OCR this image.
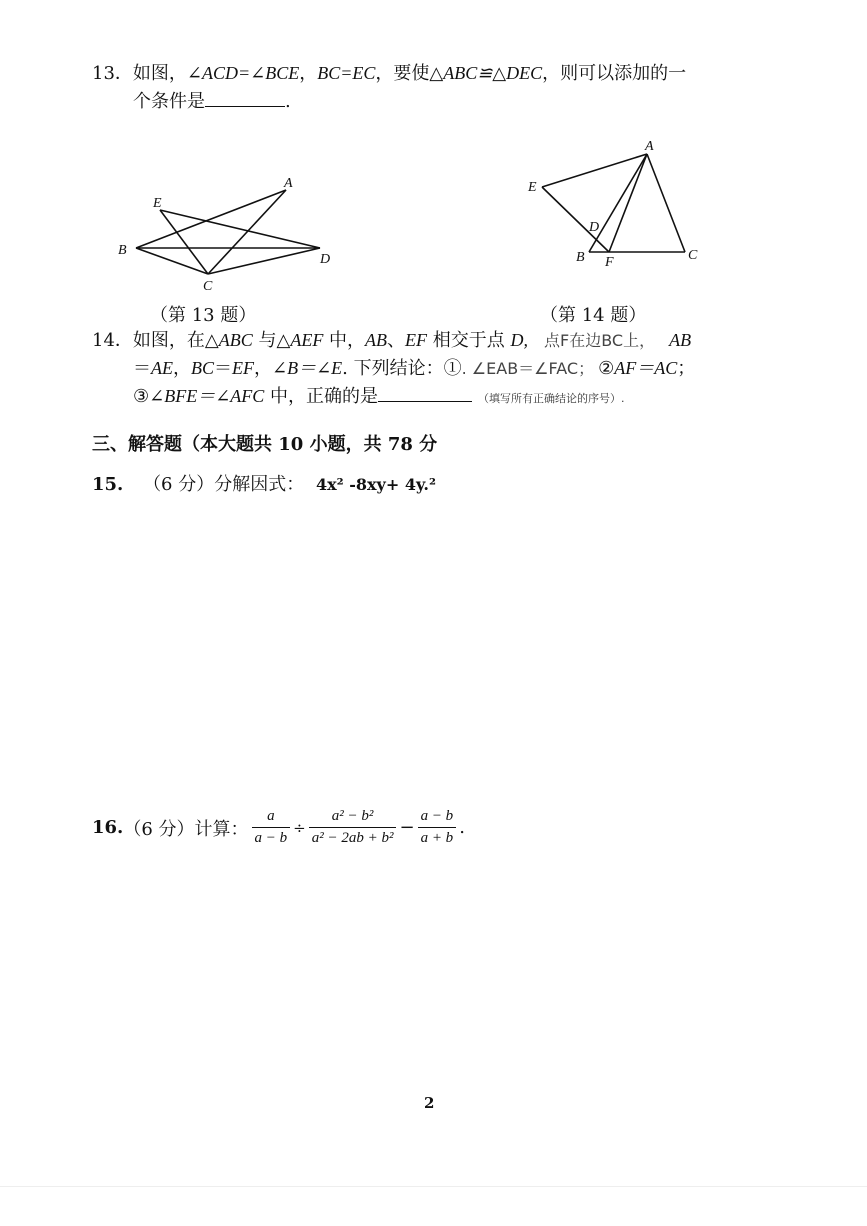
13．如图，∠ACD=∠BCE，BC=EC，要使△ABC≌△DEC，则可以添加的一
个条件是	.
A
E
B
D
C
（第 13 题）
A
E
D
B F	C
（第 14 题）
14．如图，在△ABC 与△AEF 中，AB、EF 相交于点 D, 点F在边BC上， AB
＝AE，BC＝EF，∠B＝∠E. 下列结论：①. ∠EAB＝∠FAC； ②AF＝AC；
③∠BFE＝∠AFC 中，正确的是	（填写所有正确结论的序号）.
三、解答题（本大题共 10 小题，共 78 分
15. （6 分）分解因式： 4x² -8xy+ 4y.²
16. （6 分） 计算： $\frac{a}{a - b} \div \frac{\text{a² − b²}}{\text{a² − 2ab + b²}} - \frac{a - b}{a + b}$ .
2
